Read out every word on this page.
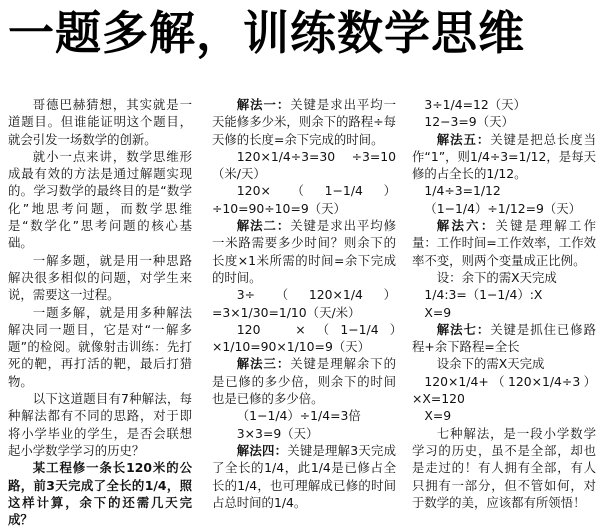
一题多解，训练数学思维

哥德巴赫猜想，其实就是一道题目。但谁能证明这个题目，就会引发一场数学的创新。

就小一点来讲，数学思维形成最有效的方法是通过解题实现的。学习数学的最终目的是“数学化”地思考问题，而数学思维是“数学化”思考问题的核心基础。

一解多题，就是用一种思路解决很多相似的问题，对学生来说，需要这一过程。

一题多解，就是用多种解法解决同一题目，它是对“一解多题”的检阅。就像射击训练：先打死的靶，再打活的靶，最后打猎物。

以下这道题目有7种解法，每种解法都有不同的思路，对于即将小学毕业的学生，是否会联想起小学数学学习的历史？

某工程修一条长120米的公路，前3天完成了全长的1/4，照这样计算，余下的还需几天完成？

解法一：关键是求出平均一天能修多少米，则余下的路程÷每天修的长度=余下完成的时间。

120×1/4÷3=30 ÷3=10（米/天）

120×（1−1/4）÷10=90÷10=9（天）

解法二：关键是求出平均修一米路需要多少时间？则余下的长度×1米所需的时间=余下完成的时间。

3÷（120×1/4）=3×1/30=1/10（天/米）

120　×（1−1/4）　×1/10=90×1/10=9（天）

解法三：关键是理解余下的是已修的多少倍，则余下的时间也是已修的多少倍。

（1−1/4）÷1/4=3倍

3×3=9（天）

解法四：关键是理解3天完成了全长的1/4，此1/4是已修占全长的1/4，也可理解成已修的时间占总时间的1/4。

3÷1/4=12（天）

12−3=9（天）

解法五：关键是把总长度当作“1”，则1/4÷3=1/12，是每天修的占全长的1/12。

1/4÷3=1/12

（1−1/4）÷1/12=9（天）

解法六：关键是理解工作量：工作时间=工作效率，工作效率不变，则两个变量成正比例。

设：余下的需X天完成

1/4:3=（1−1/4）:X

X=9

解法七：关键是抓住已修路程+余下路程=全长

设余下的需X天完成

120×1/4+（120×1/4÷3）×X=120

X=9

七种解法，是一段小学数学学习的历史，虽不是全部，却也是走过的！有人拥有全部，有人只拥有一部分，但不管如何，对于数学的美，应该都有所领悟！
